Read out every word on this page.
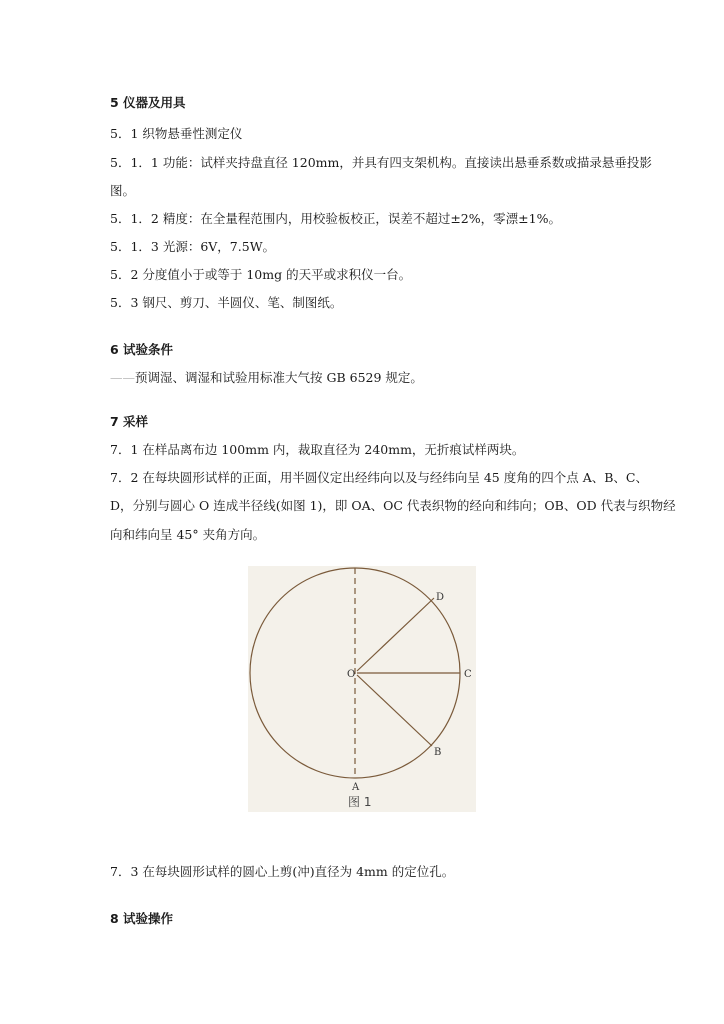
5 仪器及用具
5．1 织物悬垂性测定仪
5．1．1 功能：试样夹持盘直径 120mm，并具有四支架机构。直接读出悬垂系数或描录悬垂投影
图。
5．1．2 精度：在全量程范围内，用校验板校正，误差不超过±2%，零漂±1%。
5．1．3 光源：6V，7.5W。
5．2 分度值小于或等于 10mg 的天平或求积仪一台。
5．3 钢尺、剪刀、半圆仪、笔、制图纸。
6 试验条件
——预调湿、调湿和试验用标准大气按 GB 6529 规定。
7 采样
7．1 在样品离布边 100mm 内，裁取直径为 240mm，无折痕试样两块。
7．2 在每块圆形试样的正面，用半圆仪定出经纬向以及与经纬向呈 45 度角的四个点 A、B、C、
D，分别与圆心 O 连成半径线(如图 1)，即 OA、OC 代表织物的经向和纬向；OB、OD 代表与织物经
向和纬向呈 45° 夹角方向。
O
A
B
C
D
图 1
7．3 在每块圆形试样的圆心上剪(冲)直径为 4mm 的定位孔。
8 试验操作
